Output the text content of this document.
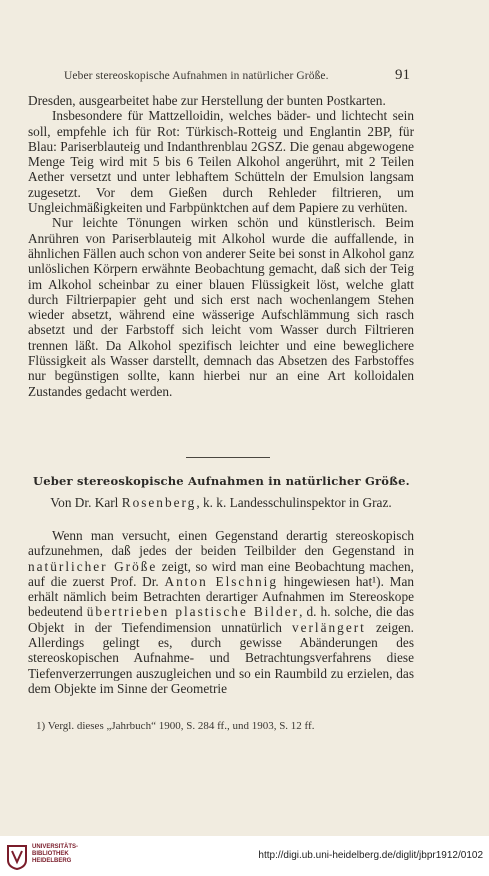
Ueber stereoskopische Aufnahmen in natürlicher Größe.	91

Dresden, ausgearbeitet habe zur Herstellung der bunten Postkarten.

Insbesondere für Mattzelloidin, welches bäder- und lichtecht sein soll, empfehle ich für Rot: Türkisch-Rotteig und Englantin 2BP, für Blau: Pariserblauteig und Indanthrenblau 2GSZ. Die genau abgewogene Menge Teig wird mit 5 bis 6 Teilen Alkohol angerührt, mit 2 Teilen Aether versetzt und unter lebhaftem Schütteln der Emulsion langsam zugesetzt. Vor dem Gießen durch Rehleder filtrieren, um Ungleichmäßigkeiten und Farbpünktchen auf dem Papiere zu verhüten.

Nur leichte Tönungen wirken schön und künstlerisch. Beim Anrühren von Pariserblauteig mit Alkohol wurde die auffallende, in ähnlichen Fällen auch schon von anderer Seite bei sonst in Alkohol ganz unlöslichen Körpern erwähnte Beobachtung gemacht, daß sich der Teig im Alkohol scheinbar zu einer blauen Flüssigkeit löst, welche glatt durch Filtrierpapier geht und sich erst nach wochenlangem Stehen wieder absetzt, während eine wässerige Aufschlämmung sich rasch absetzt und der Farbstoff sich leicht vom Wasser durch Filtrieren trennen läßt. Da Alkohol spezifisch leichter und eine beweglichere Flüssigkeit als Wasser darstellt, demnach das Absetzen des Farbstoffes nur begünstigen sollte, kann hierbei nur an eine Art kolloidalen Zustandes gedacht werden.

Ueber stereoskopische Aufnahmen in natürlicher Größe.
Von Dr. Karl Rosenberg, k. k. Landesschulinspektor in Graz.

Wenn man versucht, einen Gegenstand derartig stereoskopisch aufzunehmen, daß jedes der beiden Teilbilder den Gegenstand in natürlicher Größe zeigt, so wird man eine Beobachtung machen, auf die zuerst Prof. Dr. Anton Elschnig hingewiesen hat¹). Man erhält nämlich beim Betrachten derartiger Aufnahmen im Stereoskope bedeutend übertrieben plastische Bilder, d. h. solche, die das Objekt in der Tiefendimension unnatürlich verlängert zeigen. Allerdings gelingt es, durch gewisse Abänderungen des stereoskopischen Aufnahme- und Betrachtungsverfahrens diese Tiefenverzerrungen auszugleichen und so ein Raumbild zu erzielen, das dem Objekte im Sinne der Geometrie

1) Vergl. dieses „Jahrbuch“ 1900, S. 284 ff., und 1903, S. 12 ff.
UNIVERSITÄTS-
BIBLIOTHEK
HEIDELBERG	http://digi.ub.uni-heidelberg.de/diglit/jbpr1912/0102
